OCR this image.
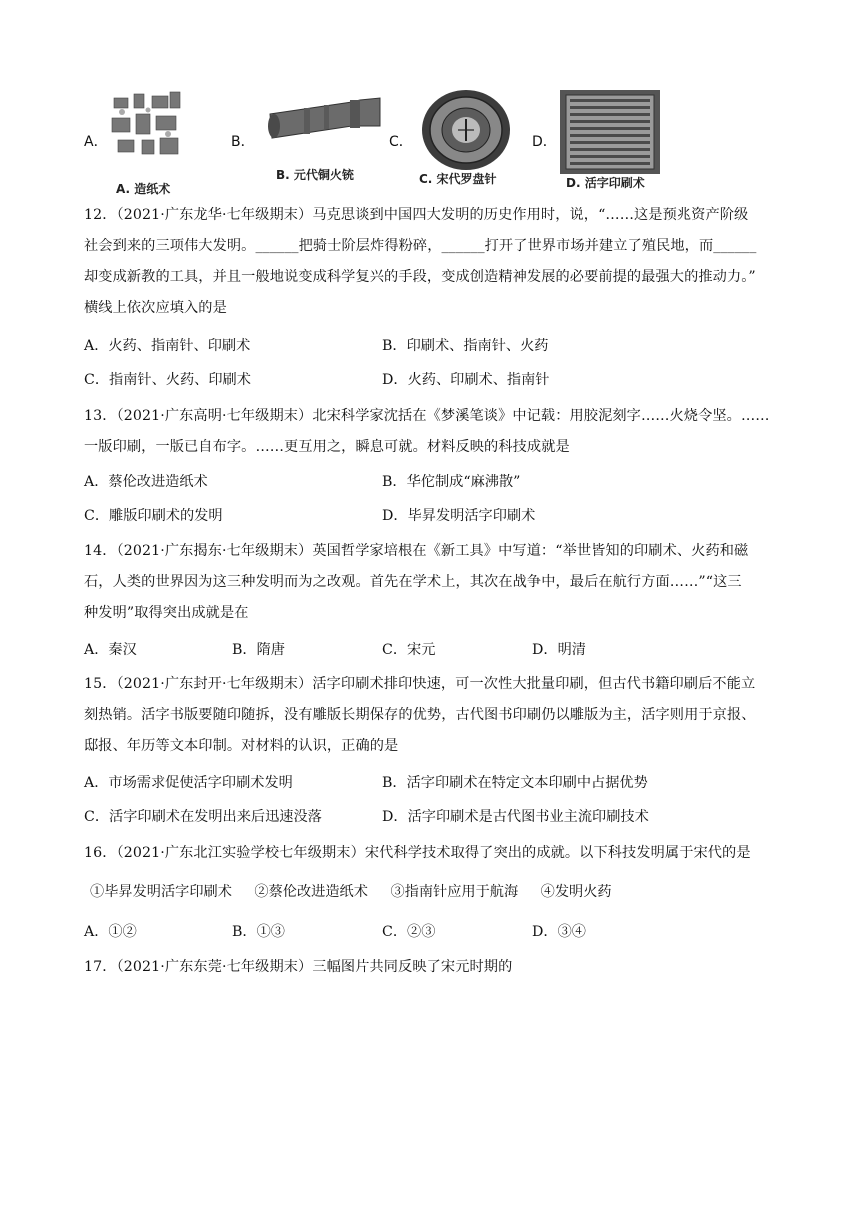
A．
A. 造纸术
B．
B. 元代铜火铳
C．
C. 宋代罗盘针
D．
D. 活字印刷术
12．（2021·广东龙华·七年级期末）马克思谈到中国四大发明的历史作用时，说，“……这是预兆资产阶级
社会到来的三项伟大发明。______把骑士阶层炸得粉碎，______打开了世界市场并建立了殖民地，而______
却变成新教的工具，并且一般地说变成科学复兴的手段，变成创造精神发展的必要前提的最强大的推动力。”
横线上依次应填入的是
A．火药、指南针、印刷术	B．印刷术、指南针、火药
C．指南针、火药、印刷术	D．火药、印刷术、指南针
13．（2021·广东高明·七年级期末）北宋科学家沈括在《梦溪笔谈》中记载：用胶泥刻字……火烧令坚。……
一版印刷，一版已自布字。……更互用之，瞬息可就。材料反映的科技成就是
A．蔡伦改进造纸术	B．华佗制成“麻沸散”
C．雕版印刷术的发明	D．毕昇发明活字印刷术
14．（2021·广东揭东·七年级期末）英国哲学家培根在《新工具》中写道：“举世皆知的印刷术、火药和磁
石，人类的世界因为这三种发明而为之改观。首先在学术上，其次在战争中，最后在航行方面……”“这三
种发明”取得突出成就是在
A．秦汉	B．隋唐	C．宋元	D．明清
15．（2021·广东封开·七年级期末）活字印刷术排印快速，可一次性大批量印刷，但古代书籍印刷后不能立
刻热销。活字书版要随印随拆，没有雕版长期保存的优势，古代图书印刷仍以雕版为主，活字则用于京报、
邸报、年历等文本印制。对材料的认识，正确的是
A．市场需求促使活字印刷术发明	B．活字印刷术在特定文本印刷中占据优势
C．活字印刷术在发明出来后迅速没落	D．活字印刷术是古代图书业主流印刷技术
16．（2021·广东北江实验学校七年级期末）宋代科学技术取得了突出的成就。以下科技发明属于宋代的是
①毕昇发明活字印刷术 ②蔡伦改进造纸术 ③指南针应用于航海 ④发明火药
A．①②	B．①③	C．②③	D．③④
17．（2021·广东东莞·七年级期末）三幅图片共同反映了宋元时期的
